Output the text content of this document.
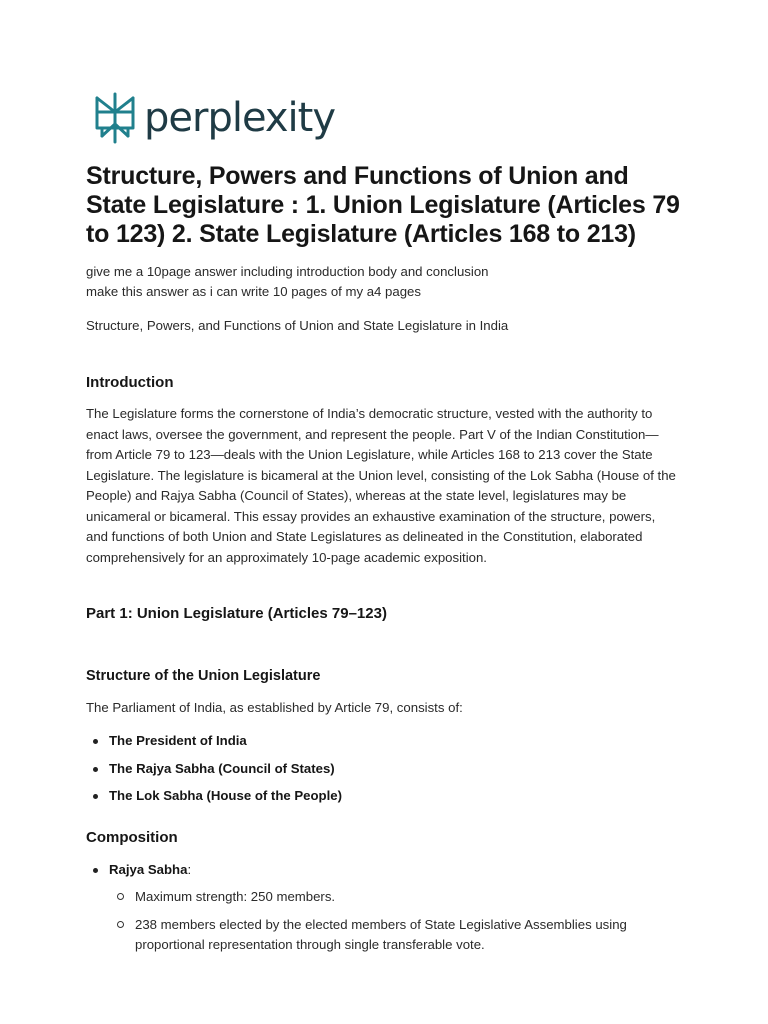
perplexity
Structure, Powers and Functions of Union and State Legislature : 1. Union Legislature (Articles 79 to 123) 2. State Legislature (Articles 168 to 213)

give me a 10page answer including introduction body and conclusion

make this answer as i can write 10 pages of my a4 pages

Structure, Powers, and Functions of Union and State Legislature in India

Introduction

The Legislature forms the cornerstone of India’s democratic structure, vested with the authority to enact laws, oversee the government, and represent the people. Part V of the Indian Constitution—from Article 79 to 123—deals with the Union Legislature, while Articles 168 to 213 cover the State Legislature. The legislature is bicameral at the Union level, consisting of the Lok Sabha (House of the People) and Rajya Sabha (Council of States), whereas at the state level, legislatures may be unicameral or bicameral. This essay provides an exhaustive examination of the structure, powers, and functions of both Union and State Legislatures as delineated in the Constitution, elaborated comprehensively for an approximately 10-page academic exposition.

Part 1: Union Legislature (Articles 79–123)
Structure of the Union Legislature

The Parliament of India, as established by Article 79, consists of:

The President of India
The Rajya Sabha (Council of States)
The Lok Sabha (House of the People)
Composition
Rajya Sabha:
Maximum strength: 250 members.
238 members elected by the elected members of State Legislative Assemblies using proportional representation through single transferable vote.
